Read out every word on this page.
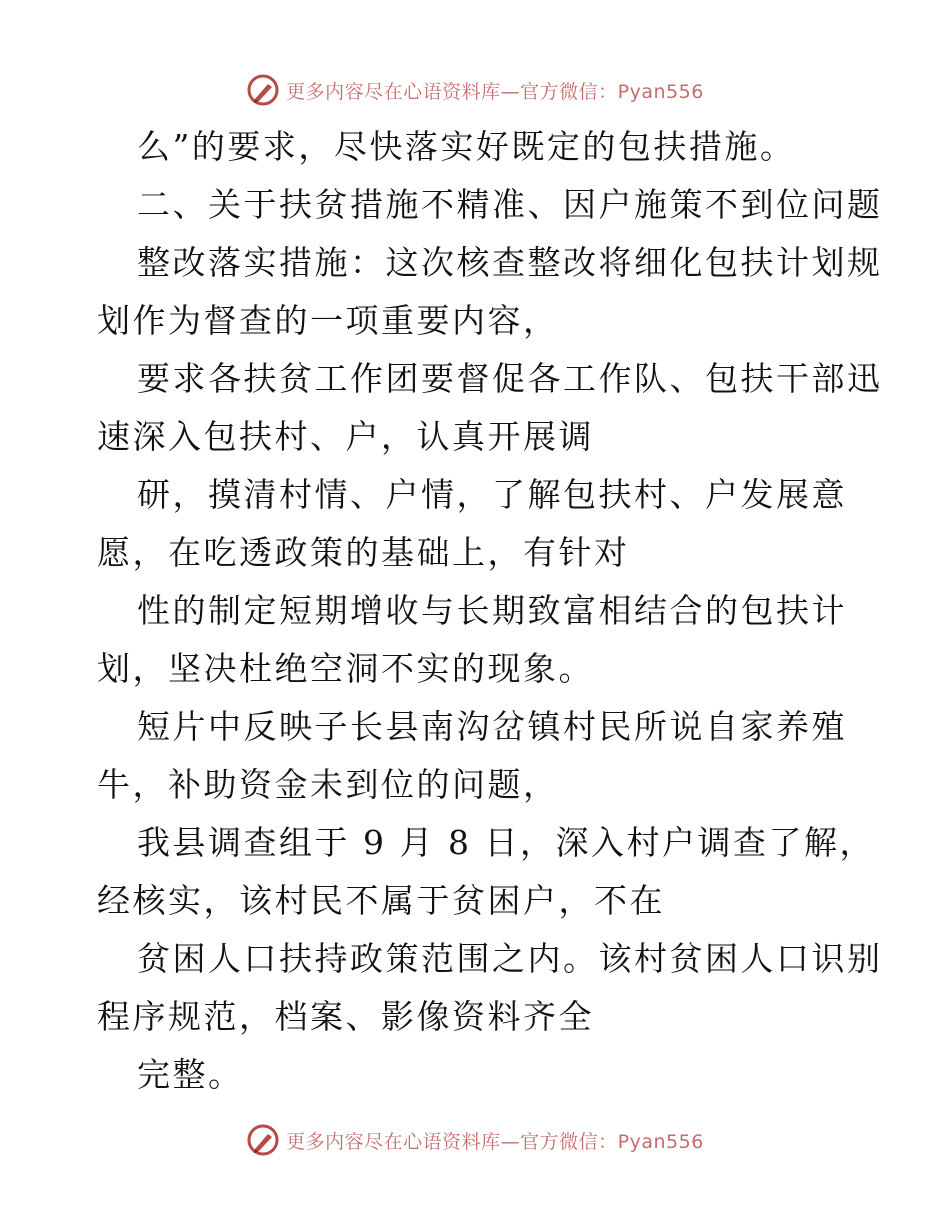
更多内容尽在心语资料库—官方微信：Pyan556
么”的要求，尽快落实好既定的包扶措施。
二、关于扶贫措施不精准、因户施策不到位问题
整改落实措施：这次核查整改将细化包扶计划规
划作为督查的一项重要内容，
要求各扶贫工作团要督促各工作队、包扶干部迅
速深入包扶村、户，认真开展调
研，摸清村情、户情，了解包扶村、户发展意
愿，在吃透政策的基础上，有针对
性的制定短期增收与长期致富相结合的包扶计
划，坚决杜绝空洞不实的现象。
短片中反映子长县南沟岔镇村民所说自家养殖
牛，补助资金未到位的问题，
我县调查组于 9 月 8 日，深入村户调查了解，
经核实，该村民不属于贫困户，不在
贫困人口扶持政策范围之内。该村贫困人口识别
程序规范，档案、影像资料齐全
完整。
更多内容尽在心语资料库—官方微信：Pyan556
